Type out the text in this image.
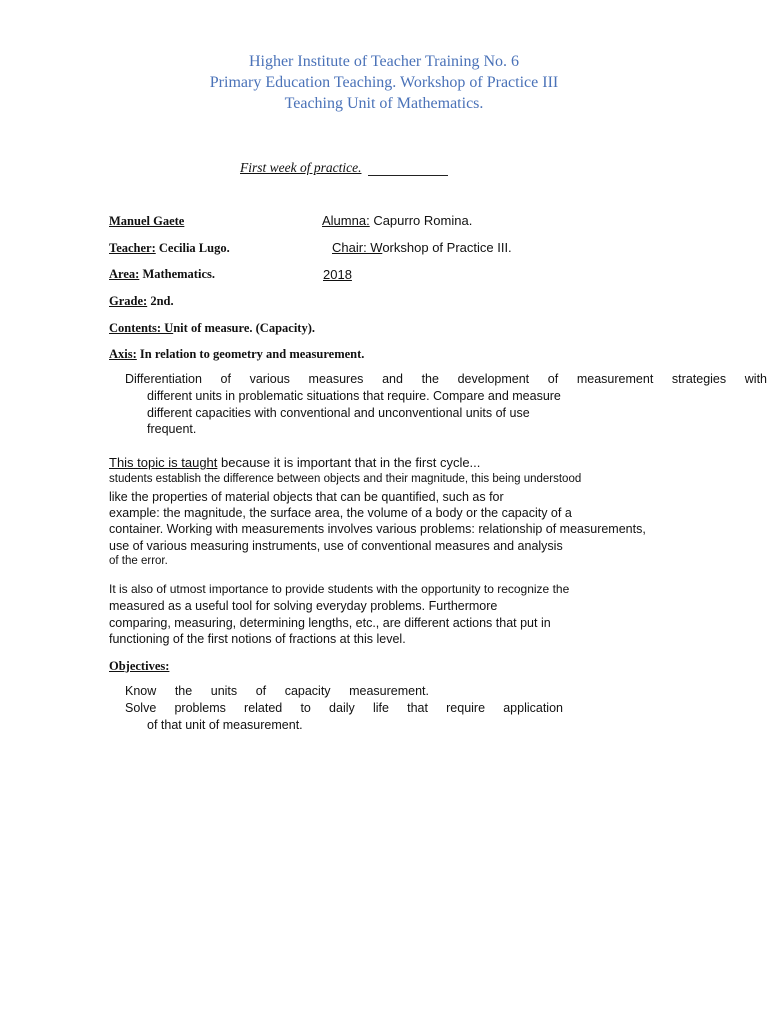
Higher Institute of Teacher Training No. 6
Primary Education Teaching. Workshop of Practice III
Teaching Unit of Mathematics.
First week of practice.
Manuel Gaete	Alumna: Capurro Romina.
Teacher: Cecilia Lugo.	Chair: Workshop of Practice III.
Area: Mathematics.	2018
Grade: 2nd.
Contents: Unit of measure. (Capacity).
Axis: In relation to geometry and measurement.
Differentiation of various measures and the development of measurement strategies with
different units in problematic situations that require. Compare and measure
different capacities with conventional and unconventional units of use
frequent.
This topic is taught because it is important that in the first cycle...
students establish the difference between objects and their magnitude, this being understood
like the properties of material objects that can be quantified, such as for
example: the magnitude, the surface area, the volume of a body or the capacity of a
container. Working with measurements involves various problems: relationship of measurements,
use of various measuring instruments, use of conventional measures and analysis
of the error.
It is also of utmost importance to provide students with the opportunity to recognize the
measured as a useful tool for solving everyday problems. Furthermore
comparing, measuring, determining lengths, etc., are different actions that put in
functioning of the first notions of fractions at this level.
Objectives:
Know the units of capacity measurement.
Solve problems related to daily life that require application
of that unit of measurement.
